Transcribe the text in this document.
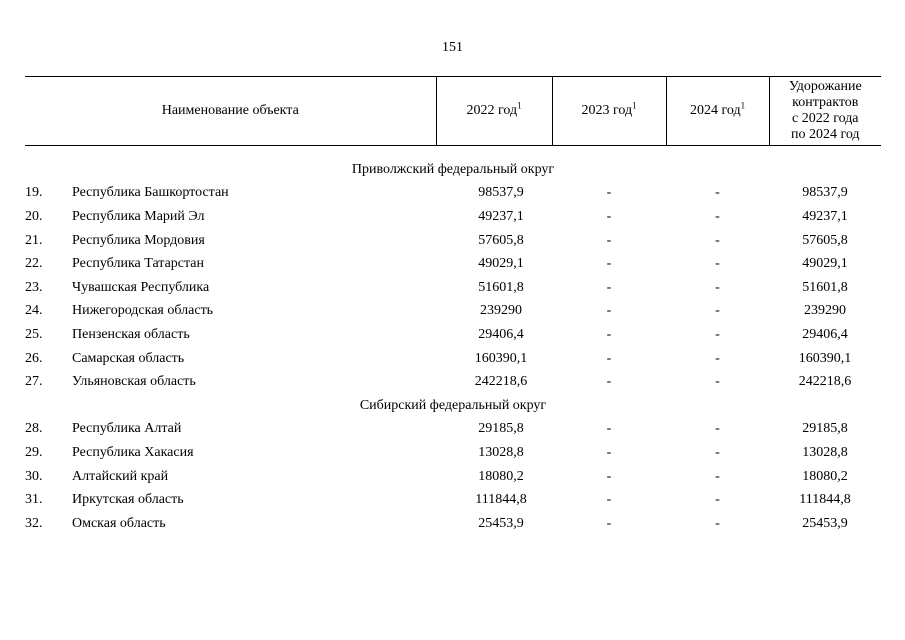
151
Наименование объекта		2022 год$^1$	2023 год$^1$	2024 год$^1$	Удорожание
контрактов
с 2022 года
по 2024 год

Приволжский федеральный округ					
19.	Республика Башкортостан	98537,9	-	-	98537,9
20.	Республика Марий Эл	49237,1	-	-	49237,1
21.	Республика Мордовия	57605,8	-	-	57605,8
22.	Республика Татарстан	49029,1	-	-	49029,1
23.	Чувашская Республика	51601,8	-	-	51601,8
24.	Нижегородская область	239290	-	-	239290
25.	Пензенская область	29406,4	-	-	29406,4
26.	Самарская область	160390,1	-	-	160390,1
27.	Ульяновская область	242218,6	-	-	242218,6
Сибирский федеральный округ					
28.	Республика Алтай	29185,8	-	-	29185,8
29.	Республика Хакасия	13028,8	-	-	13028,8
30.	Алтайский край	18080,2	-	-	18080,2
31.	Иркутская область	111844,8	-	-	111844,8
32.	Омская область	25453,9	-	-	25453,9
